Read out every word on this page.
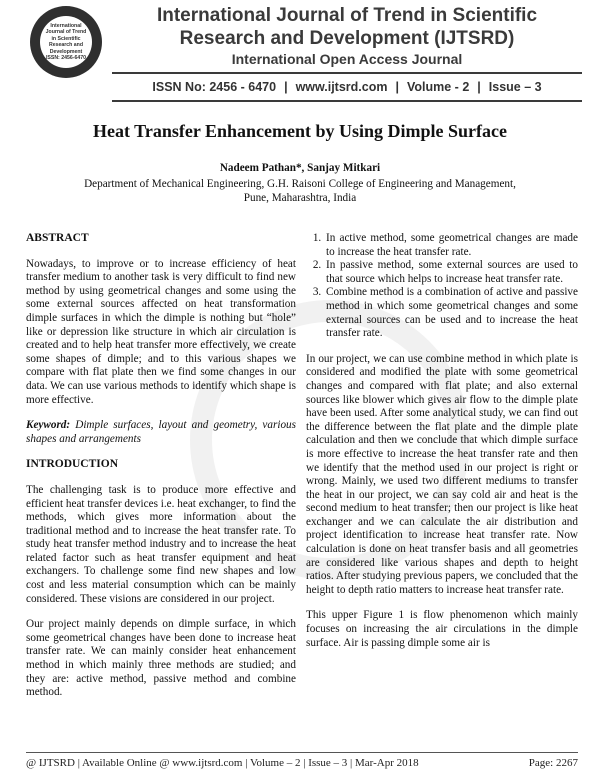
International Journal of Trend in Scientific Research and Development ISSN: 2456-6470
International Journal of Trend in Scientific
Research and Development (IJTSRD)
International Open Access Journal
ISSN No: 2456 - 6470 | www.ijtsrd.com | Volume - 2 | Issue – 3
Heat Transfer Enhancement by Using Dimple Surface
Nadeem Pathan*, Sanjay Mitkari
Department of Mechanical Engineering, G.H. Raisoni College of Engineering and Management,
Pune, Maharashtra, India
ABSTRACT

Nowadays, to improve or to increase efficiency of heat transfer medium to another task is very difficult to find new method by using geometrical changes and some using the some external sources affected on heat transformation dimple surfaces in which the dimple is nothing but “hole” like or depression like structure in which air circulation is created and to help heat transfer more effectively, we create some shapes of dimple; and to this various shapes we compare with flat plate then we find some changes in our data. We can use various methods to identify which shape is more effective.

Keyword: Dimple surfaces, layout and geometry, various shapes and arrangements
INTRODUCTION

The challenging task is to produce more effective and efficient heat transfer devices i.e. heat exchanger, to find the methods, which gives more information about the traditional method and to increase the heat transfer rate. To study heat transfer method industry and to increase the heat related factor such as heat transfer equipment and heat exchangers. To challenge some find new shapes and low cost and less material consumption which can be mainly considered. These visions are considered in our project.

Our project mainly depends on dimple surface, in which some geometrical changes have been done to increase heat transfer rate. We can mainly consider heat enhancement method in which mainly three methods are studied; and they are: active method, passive method and combine method.

1. In active method, some geometrical changes are made to increase the heat transfer rate.
2. In passive method, some external sources are used to that source which helps to increase heat transfer rate.
3. Combine method is a combination of active and passive method in which some geometrical changes and some external sources can be used and to increase the heat transfer rate.

In our project, we can use combine method in which plate is considered and modified the plate with some geometrical changes and compared with flat plate; and also external sources like blower which gives air flow to the dimple plate have been used. After some analytical study, we can find out the difference between the flat plate and the dimple plate calculation and then we conclude that which dimple surface is more effective to increase the heat transfer rate and then we identify that the method used in our project is right or wrong. Mainly, we used two different mediums to transfer the heat in our project, we can say cold air and heat is the second medium to heat transfer; then our project is like heat exchanger and we can calculate the air distribution and project identification to increase heat transfer rate. Now calculation is done on heat transfer basis and all geometries are considered like various shapes and depth to height ratios. After studying previous papers, we concluded that the height to depth ratio matters to increase heat transfer rate.

This upper Figure 1 is flow phenomenon which mainly focuses on increasing the air circulations in the dimple surface. Air is passing dimple some air is

@ IJTSRD | Available Online @ www.ijtsrd.com | Volume – 2 | Issue – 3 | Mar-Apr 2018	Page: 2267
